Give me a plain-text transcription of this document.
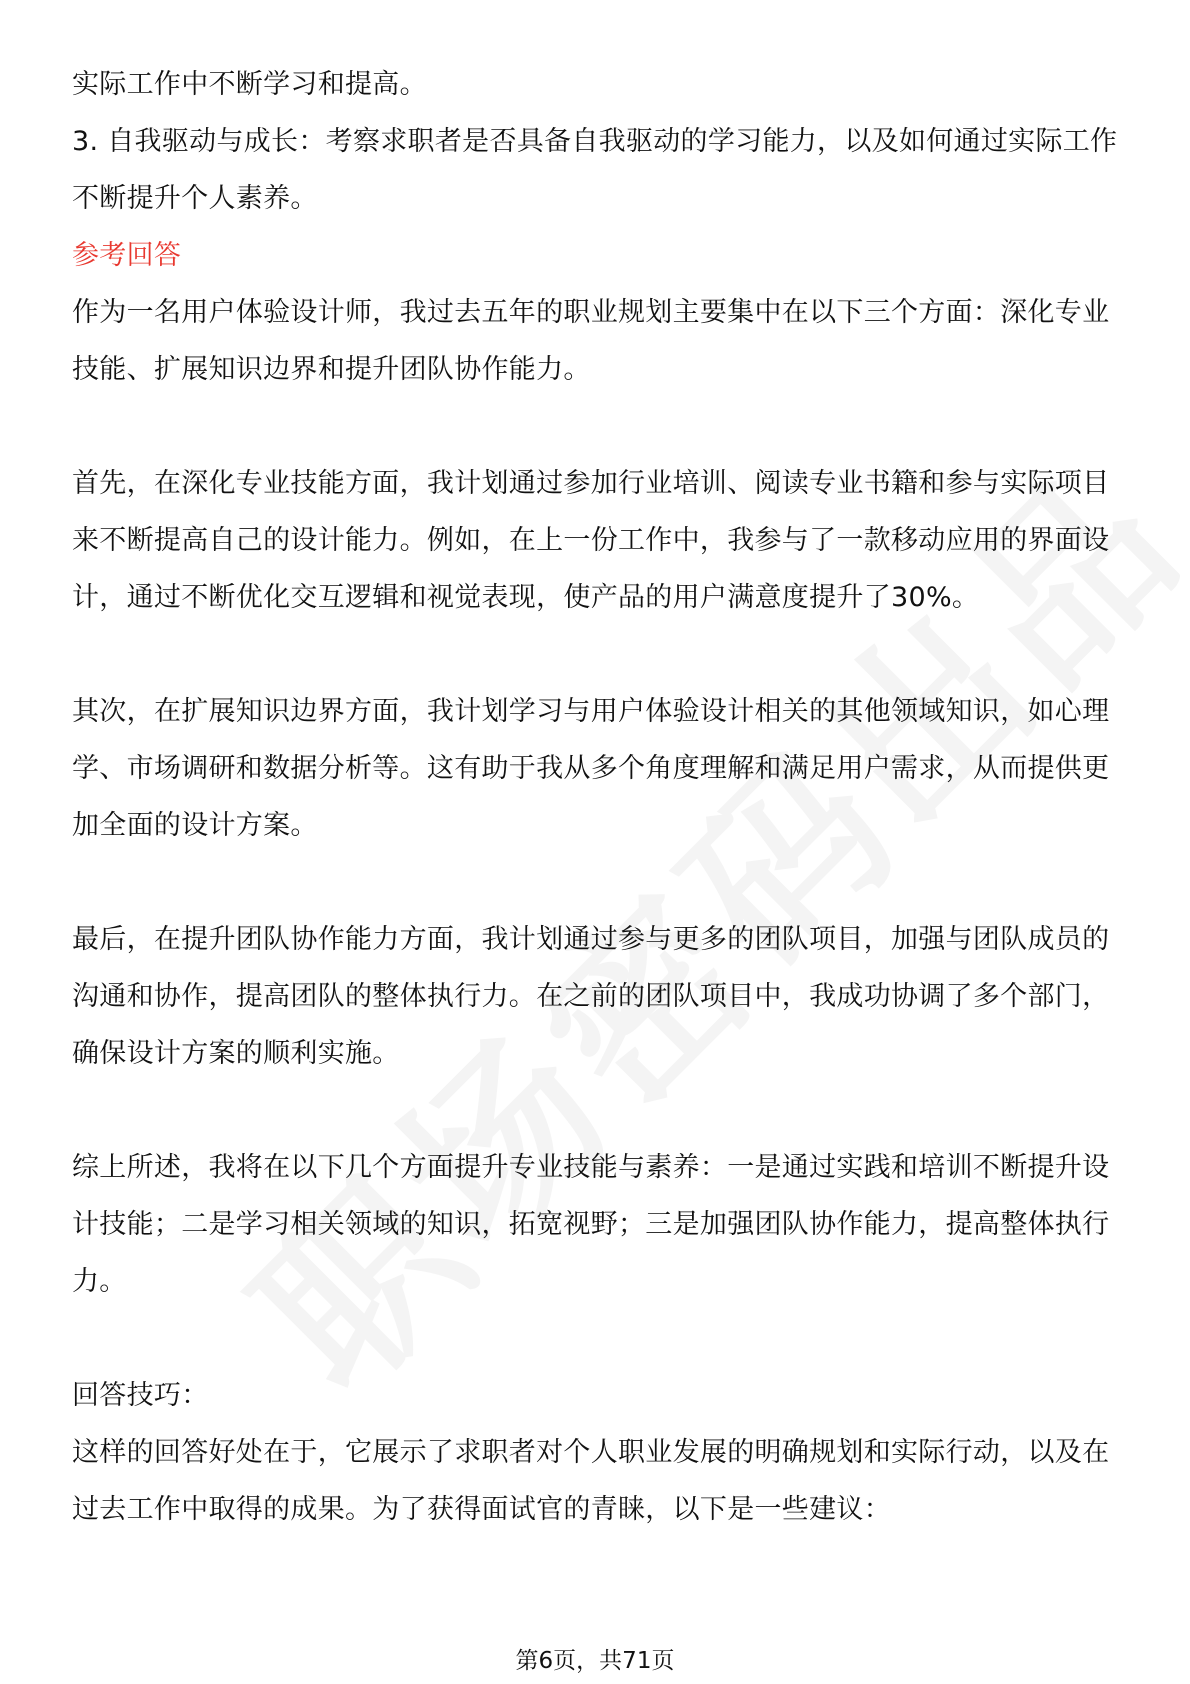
实际工作中不断学习和提高。

3. 自我驱动与成长：考察求职者是否具备自我驱动的学习能力，以及如何通过实际工作不断提升个人素养。

参考回答

作为一名用户体验设计师，我过去五年的职业规划主要集中在以下三个方面：深化专业技能、扩展知识边界和提升团队协作能力。

首先，在深化专业技能方面，我计划通过参加行业培训、阅读专业书籍和参与实际项目来不断提高自己的设计能力。例如，在上一份工作中，我参与了一款移动应用的界面设计，通过不断优化交互逻辑和视觉表现，使产品的用户满意度提升了30%。

其次，在扩展知识边界方面，我计划学习与用户体验设计相关的其他领域知识，如心理学、市场调研和数据分析等。这有助于我从多个角度理解和满足用户需求，从而提供更加全面的设计方案。

最后，在提升团队协作能力方面，我计划通过参与更多的团队项目，加强与团队成员的沟通和协作，提高团队的整体执行力。在之前的团队项目中，我成功协调了多个部门，确保设计方案的顺利实施。

综上所述，我将在以下几个方面提升专业技能与素养：一是通过实践和培训不断提升设计技能；二是学习相关领域的知识，拓宽视野；三是加强团队协作能力，提高整体执行力。

回答技巧：

这样的回答好处在于，它展示了求职者对个人职业发展的明确规划和实际行动，以及在过去工作中取得的成果。为了获得面试官的青睐，以下是一些建议：

第6页，共71页
